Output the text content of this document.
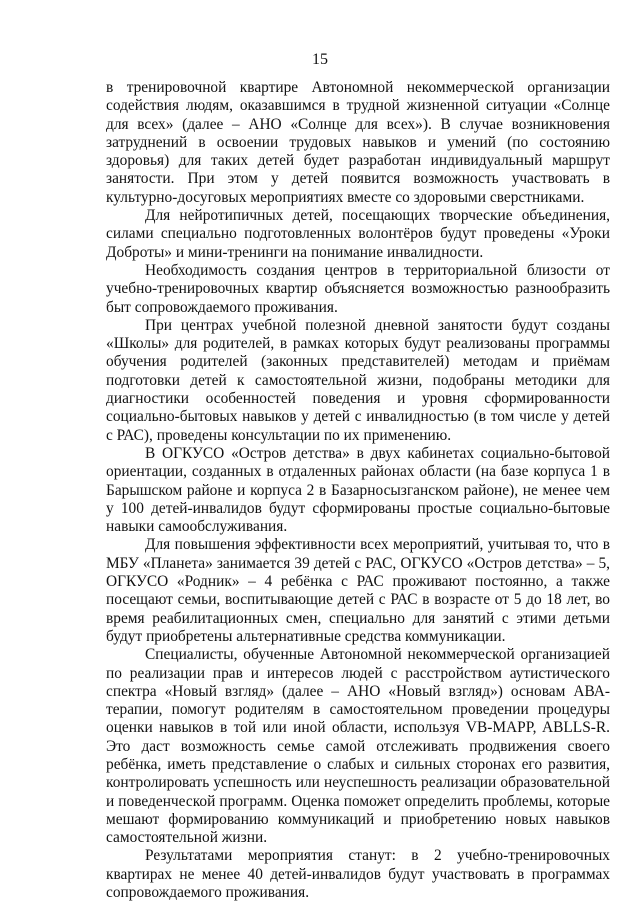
15

в тренировочной квартире Автономной некоммерческой организации содействия людям, оказавшимся в трудной жизненной ситуации «Солнце для всех» (далее – АНО «Солнце для всех»). В случае возникновения затруднений в освоении трудовых навыков и умений (по состоянию здоровья) для таких детей будет разработан индивидуальный маршрут занятости. При этом у детей появится возможность участвовать в культурно-досуговых мероприятиях вместе со здоровыми сверстниками.

Для нейротипичных детей, посещающих творческие объединения, силами специально подготовленных волонтёров будут проведены «Уроки Доброты» и мини-тренинги на понимание инвалидности.

Необходимость создания центров в территориальной близости от учебно-тренировочных квартир объясняется возможностью разнообразить быт сопровождаемого проживания.

При центрах учебной полезной дневной занятости будут созданы «Школы» для родителей, в рамках которых будут реализованы программы обучения родителей (законных представителей) методам и приёмам подготовки детей к самостоятельной жизни, подобраны методики для диагностики особенностей поведения и уровня сформированности социально-бытовых навыков у детей с инвалидностью (в том числе у детей с РАС), проведены консультации по их применению.

В ОГКУСО «Остров детства» в двух кабинетах социально-бытовой ориентации, созданных в отдаленных районах области (на базе корпуса 1 в Барышском районе и корпуса 2 в Базарносызганском районе), не менее чем у 100 детей-инвалидов будут сформированы простые социально-бытовые навыки самообслуживания.

Для повышения эффективности всех мероприятий, учитывая то, что в МБУ «Планета» занимается 39 детей с РАС, ОГКУСО «Остров детства» – 5, ОГКУСО «Родник» – 4 ребёнка с РАС проживают постоянно, а также посещают семьи, воспитывающие детей с РАС в возрасте от 5 до 18 лет, во время реабилитационных смен, специально для занятий с этими детьми будут приобретены альтернативные средства коммуникации.

Специалисты, обученные Автономной некоммерческой организацией по реализации прав и интересов людей с расстройством аутистического спектра «Новый взгляд» (далее – АНО «Новый взгляд») основам АВА-терапии, помогут родителям в самостоятельном проведении процедуры оценки навыков в той или иной области, используя VB-MAPP, ABLLS-R. Это даст возможность семье самой отслеживать продвижения своего ребёнка, иметь представление о слабых и сильных сторонах его развития, контролировать успешность или неуспешность реализации образовательной и поведенческой программ. Оценка поможет определить проблемы, которые мешают формированию коммуникаций и приобретению новых навыков самостоятельной жизни.

Результатами мероприятия станут: в 2 учебно-тренировочных квартирах не менее 40 детей-инвалидов будут участвовать в программах сопровождаемого проживания.
